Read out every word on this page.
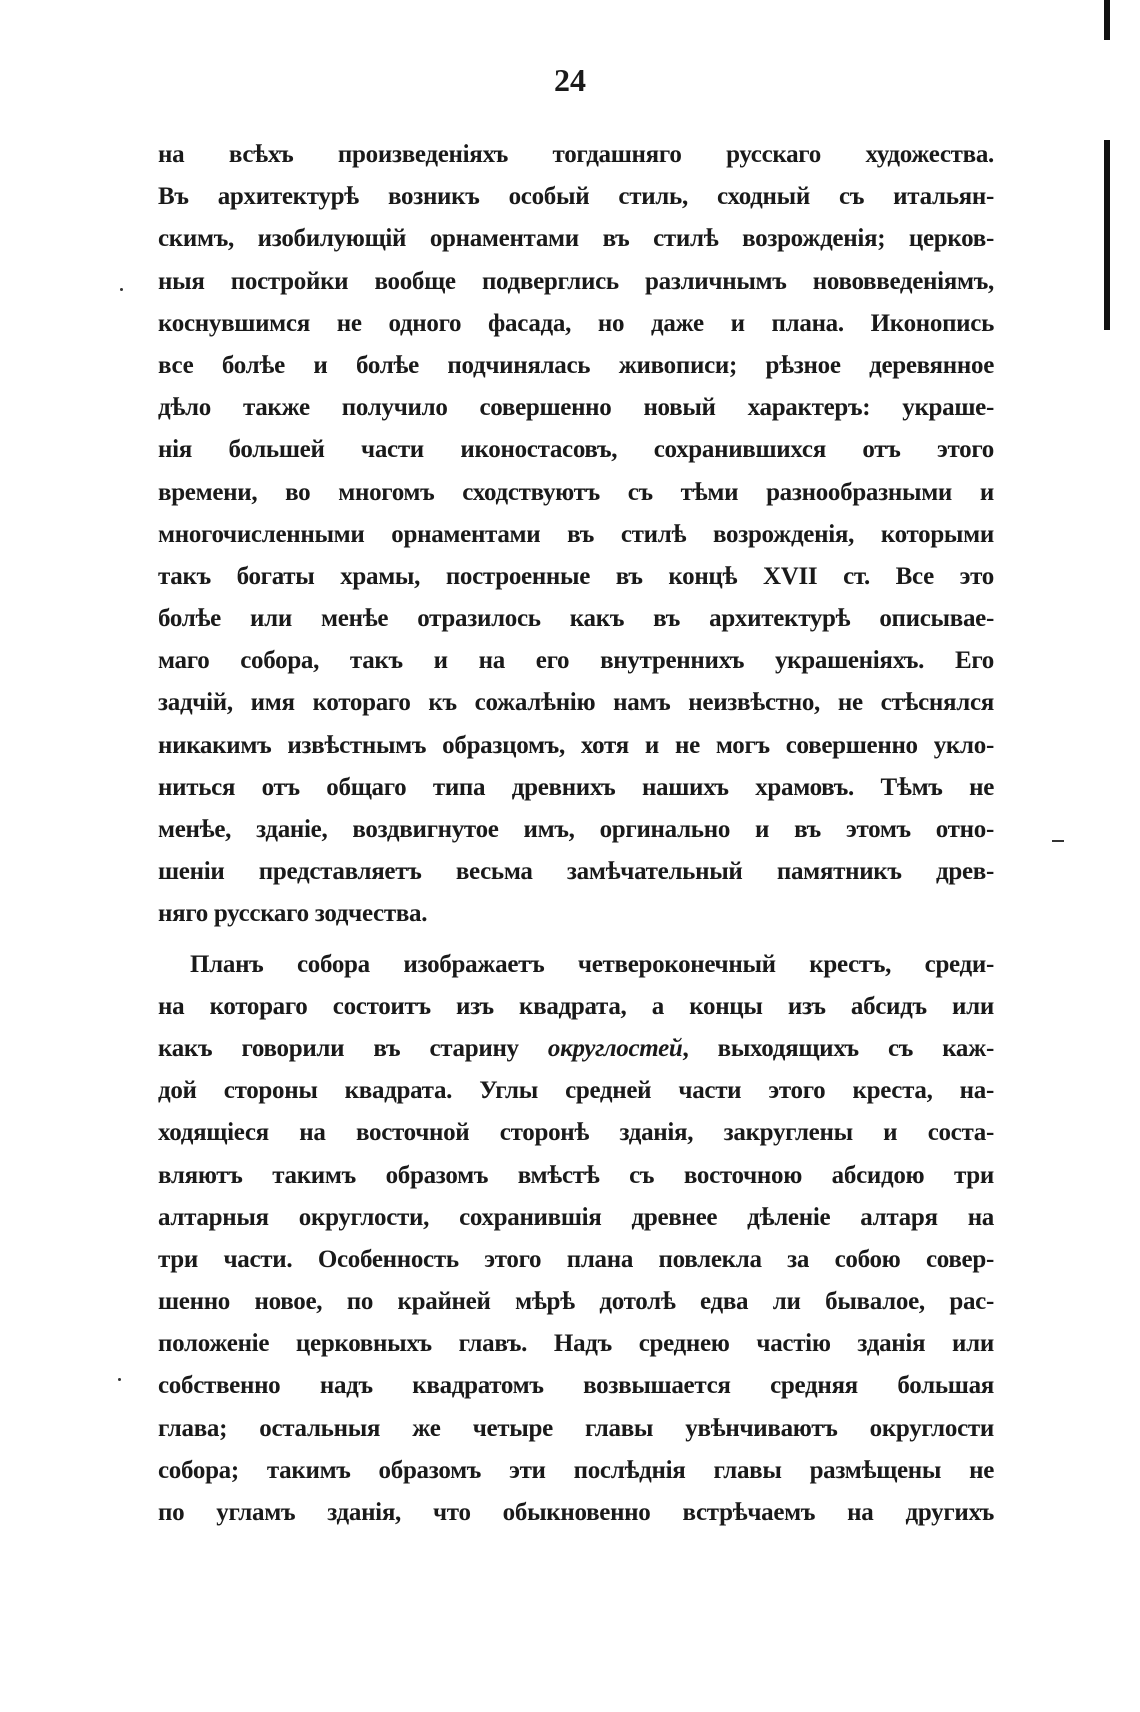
24
на всѣхъ произведеніяхъ тогдашняго русскаго художества.
Въ архитектурѣ возникъ особый стиль, сходный съ итальян-
скимъ, изобилующій орнаментами въ стилѣ возрожденія; церков-
ныя постройки вообще подверглись различнымъ нововведеніямъ,
коснувшимся не одного фасада, но даже и плана. Иконопись
все болѣе и болѣе подчинялась живописи; рѣзное деревянное
дѣло также получило совершенно новый характеръ: украше-
нія большей части иконостасовъ, сохранившихся отъ этого
времени, во многомъ сходствуютъ съ тѣми разнообразными и
многочисленными орнаментами въ стилѣ возрожденія, которыми
такъ богаты храмы, построенные въ концѣ XVII ст. Все это
болѣе или менѣе отразилось какъ въ архитектурѣ описывае-
маго собора, такъ и на его внутреннихъ украшеніяхъ. Его
задчій, имя котораго къ сожалѣнію намъ неизвѣстно, не стѣснялся
никакимъ извѣстнымъ образцомъ, хотя и не могъ совершенно уклo-
ниться отъ общаго типа древнихъ нашихъ храмовъ. Тѣмъ не
менѣе, зданіе, воздвигнутое имъ, оргинально и въ этомъ отно-
шеніи представляетъ весьма замѣчательный памятникъ древ-
няго русскаго зодчества.
Планъ собора изображаетъ четвероконечный крестъ, среди-
на котораго состоитъ изъ квадрата, а концы изъ абсидъ или
какъ говорили въ старину округлостей, выходящихъ съ каж-
дой стороны квадрата. Углы средней части этого креста, на-
ходящіеся на восточной сторонѣ зданія, закруглены и соста-
вляютъ такимъ образомъ вмѣстѣ съ восточною абсидою три
алтарныя округлости, сохранившія древнее дѣленіе алтаря на
три части. Особенность этого плана повлекла за собою совер-
шенно новое, по крайней мѣрѣ дотолѣ едва ли бывалое, рас-
положеніе церковныхъ главъ. Надъ среднею частію зданія или
собственно надъ квадратомъ возвышается средняя большая
глава; остальныя же четыре главы увѣнчиваютъ округлости
собора; такимъ образомъ эти послѣднія главы размѣщены не
по угламъ зданія, что обыкновенно встрѣчаемъ на другихъ
